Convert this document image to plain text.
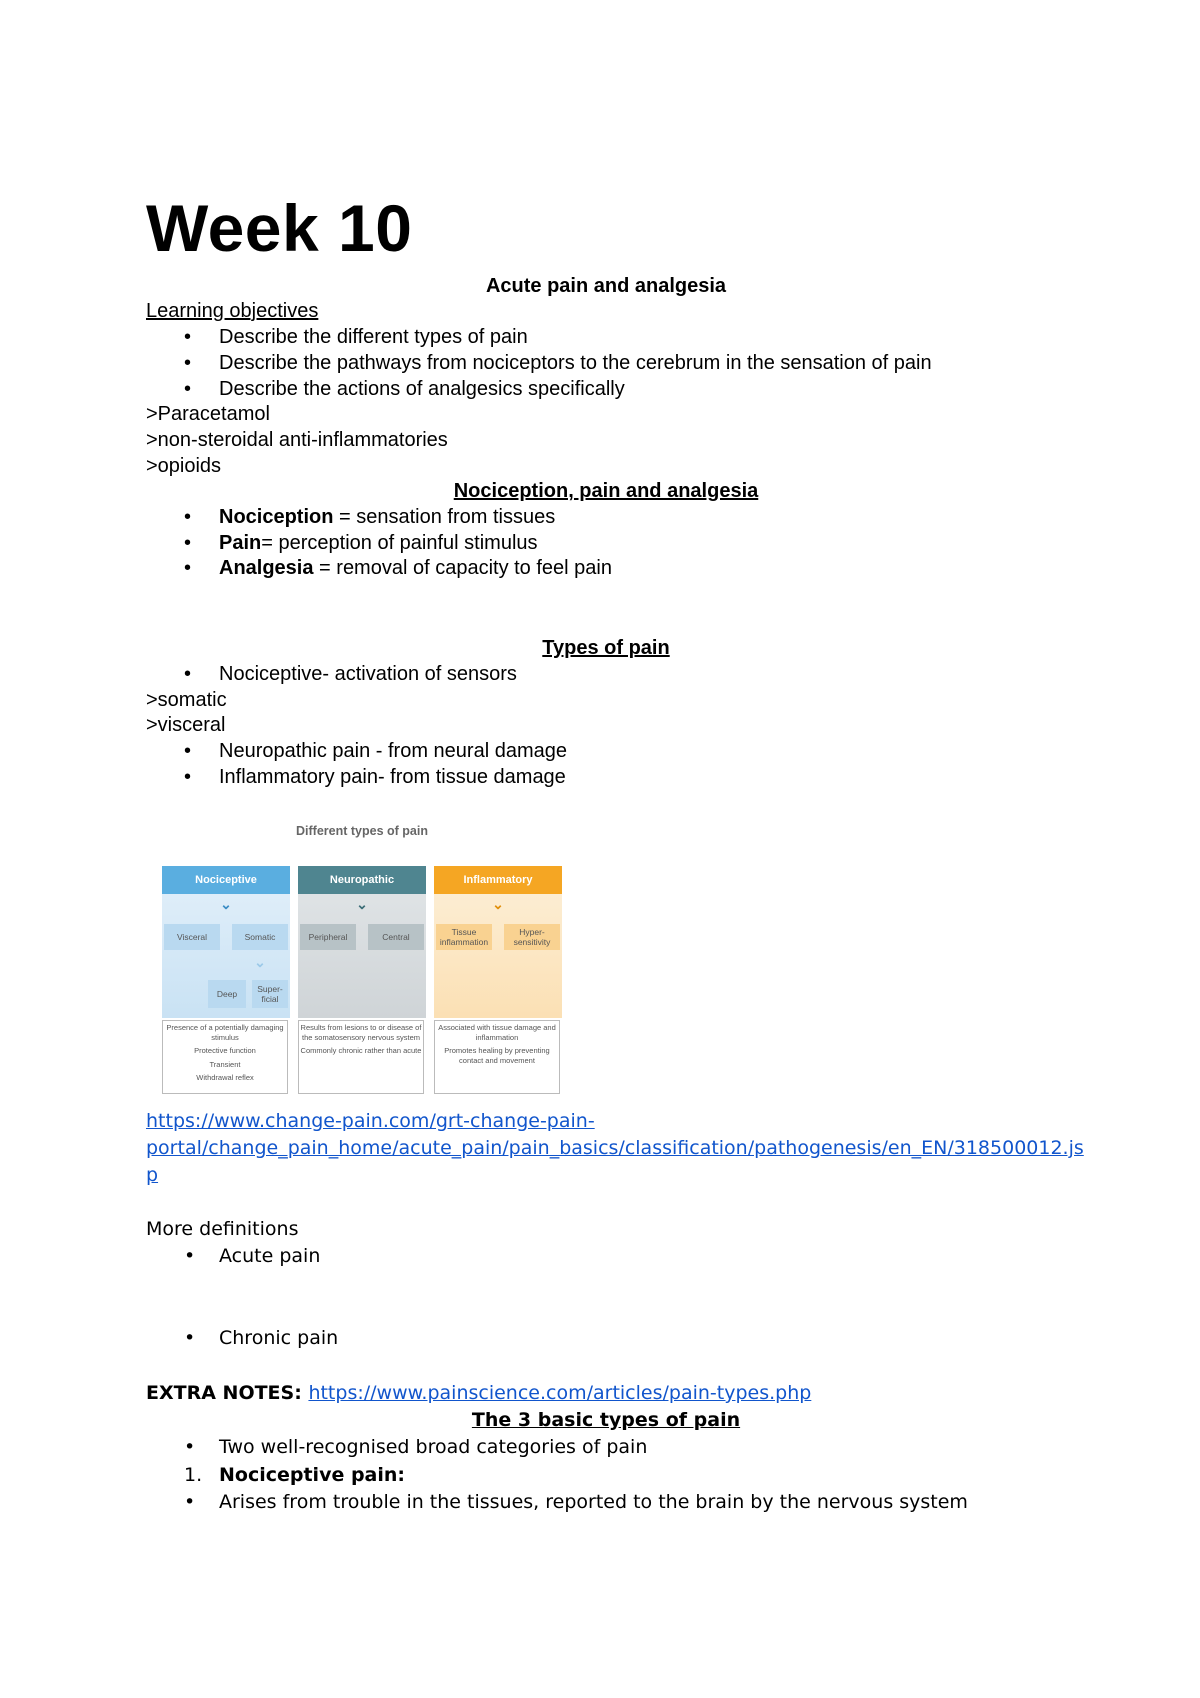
Week 10
Acute pain and analgesia
Learning objectives
• Describe the different types of pain
• Describe the pathways from nociceptors to the cerebrum in the sensation of pain
• Describe the actions of analgesics specifically
>Paracetamol
>non-steroidal anti-inflammatories
>opioids
Nociception, pain and analgesia
• Nociception = sensation from tissues
• Pain= perception of painful stimulus
• Analgesia = removal of capacity to feel pain
Types of pain
• Nociceptive- activation of sensors
>somatic
>visceral
• Neuropathic pain - from neural damage
• Inflammatory pain- from tissue damage
Different types of pain
Nociceptive
⌄
Visceral	Somatic
⌄
Deep	Super-
ficial
Presence of a potentially damaging stimulus
Protective function
Transient
Withdrawal reflex
Neuropathic
⌄
Peripheral	Central
Results from lesions to or disease of the somatosensory nervous system
Commonly chronic rather than acute
Inflammatory
⌄
Tissue inflammation
Hyper-sensitivity
Associated with tissue damage and inflammation
Promotes healing by preventing contact and movement
https://www.change-pain.com/grt-change-pain-
portal/change_pain_home/acute_pain/pain_basics/classification/pathogenesis/en_EN/318500012.js
p
More definitions
• Acute pain
• Chronic pain
EXTRA NOTES: https://www.painscience.com/articles/pain-types.php
The 3 basic types of pain
• Two well-recognised broad categories of pain
1. Nociceptive pain:
• Arises from trouble in the tissues, reported to the brain by the nervous system
